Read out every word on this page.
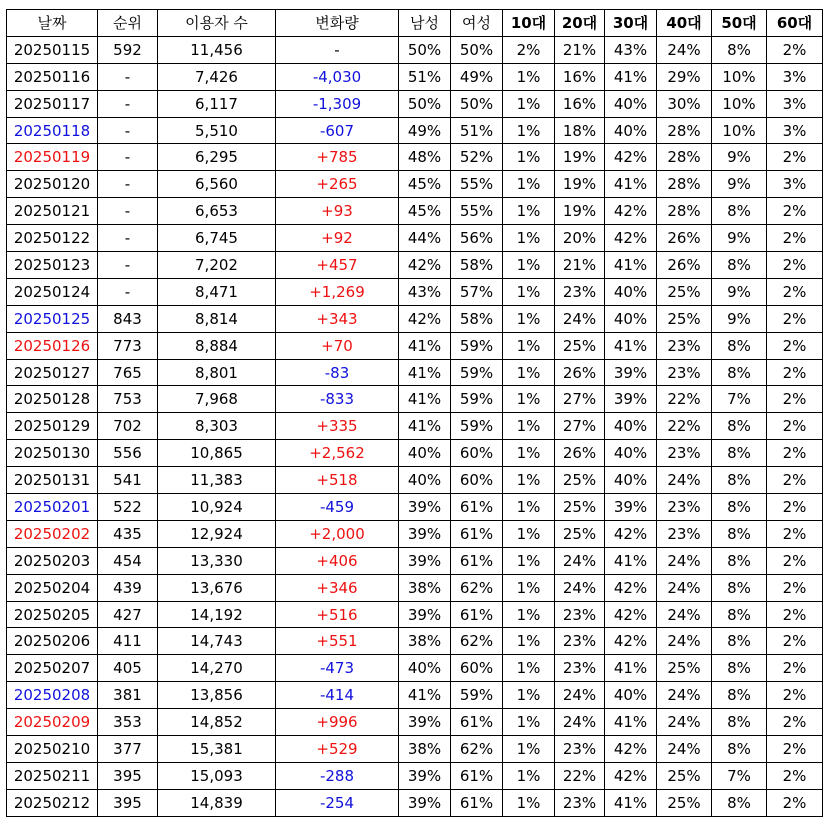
날짜	순위	이용자 수	변화량	남성	여성	10대	20대	30대	40대	50대	60대
20250115	592	11,456	-	50%	50%	2%	21%	43%	24%	8%	2%
20250116	-	7,426	-4,030	51%	49%	1%	16%	41%	29%	10%	3%
20250117	-	6,117	-1,309	50%	50%	1%	16%	40%	30%	10%	3%
20250118	-	5,510	-607	49%	51%	1%	18%	40%	28%	10%	3%
20250119	-	6,295	+785	48%	52%	1%	19%	42%	28%	9%	2%
20250120	-	6,560	+265	45%	55%	1%	19%	41%	28%	9%	3%
20250121	-	6,653	+93	45%	55%	1%	19%	42%	28%	8%	2%
20250122	-	6,745	+92	44%	56%	1%	20%	42%	26%	9%	2%
20250123	-	7,202	+457	42%	58%	1%	21%	41%	26%	8%	2%
20250124	-	8,471	+1,269	43%	57%	1%	23%	40%	25%	9%	2%
20250125	843	8,814	+343	42%	58%	1%	24%	40%	25%	9%	2%
20250126	773	8,884	+70	41%	59%	1%	25%	41%	23%	8%	2%
20250127	765	8,801	-83	41%	59%	1%	26%	39%	23%	8%	2%
20250128	753	7,968	-833	41%	59%	1%	27%	39%	22%	7%	2%
20250129	702	8,303	+335	41%	59%	1%	27%	40%	22%	8%	2%
20250130	556	10,865	+2,562	40%	60%	1%	26%	40%	23%	8%	2%
20250131	541	11,383	+518	40%	60%	1%	25%	40%	24%	8%	2%
20250201	522	10,924	-459	39%	61%	1%	25%	39%	23%	8%	2%
20250202	435	12,924	+2,000	39%	61%	1%	25%	42%	23%	8%	2%
20250203	454	13,330	+406	39%	61%	1%	24%	41%	24%	8%	2%
20250204	439	13,676	+346	38%	62%	1%	24%	42%	24%	8%	2%
20250205	427	14,192	+516	39%	61%	1%	23%	42%	24%	8%	2%
20250206	411	14,743	+551	38%	62%	1%	23%	42%	24%	8%	2%
20250207	405	14,270	-473	40%	60%	1%	23%	41%	25%	8%	2%
20250208	381	13,856	-414	41%	59%	1%	24%	40%	24%	8%	2%
20250209	353	14,852	+996	39%	61%	1%	24%	41%	24%	8%	2%
20250210	377	15,381	+529	38%	62%	1%	23%	42%	24%	8%	2%
20250211	395	15,093	-288	39%	61%	1%	22%	42%	25%	7%	2%
20250212	395	14,839	-254	39%	61%	1%	23%	41%	25%	8%	2%
